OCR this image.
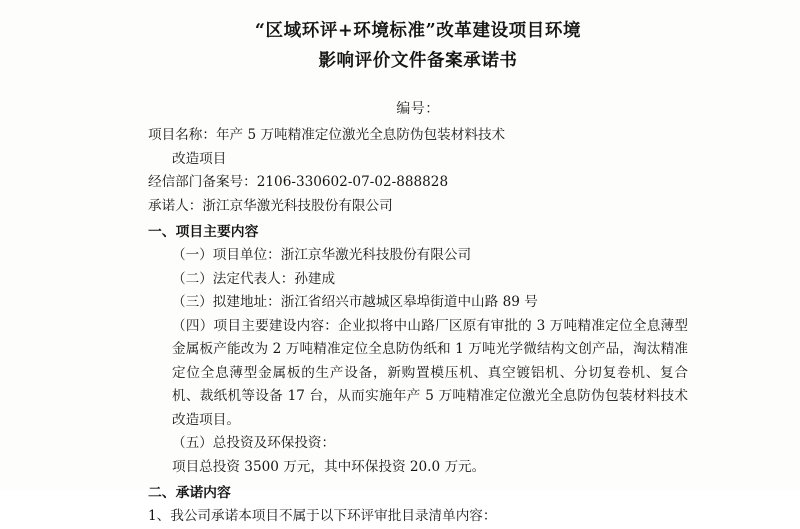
“区域环评+环境标准”改革建设项目环境
影响评价文件备案承诺书
编号：

项目名称：年产 5 万吨精准定位激光全息防伪包装材料技术

改造项目

经信部门备案号：2106-330602-07-02-888828

承诺人：浙江京华激光科技股份有限公司

一、项目主要内容

（一）项目单位：浙江京华激光科技股份有限公司

（二）法定代表人：孙建成

（三）拟建地址：浙江省绍兴市越城区皋埠街道中山路 89 号

（四）项目主要建设内容：企业拟将中山路厂区原有审批的 3 万吨精准定位全息薄型金属板产能改为 2 万吨精准定位全息防伪纸和 1 万吨光学微结构文创产品，淘汰精准定位全息薄型金属板的生产设备，新购置模压机、真空镀铝机、分切复卷机、复合机、裁纸机等设备 17 台，从而实施年产 5 万吨精准定位激光全息防伪包装材料技术改造项目。

（五）总投资及环保投资：

项目总投资 3500 万元，其中环保投资 20.0 万元。

二、承诺内容

1、我公司承诺本项目不属于以下环评审批目录清单内容：
